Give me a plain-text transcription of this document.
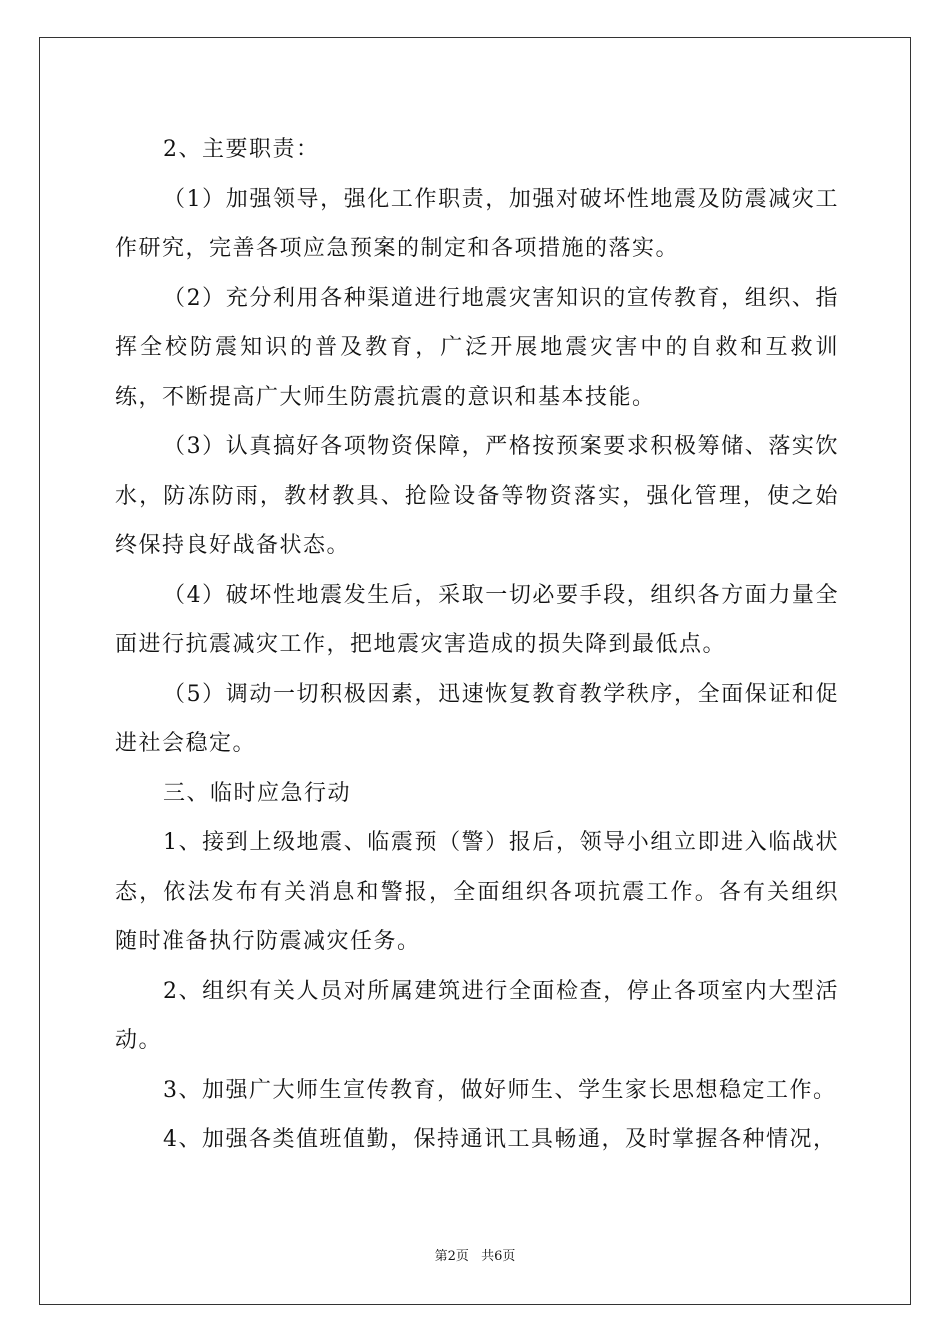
2、主要职责：

（1）加强领导，强化工作职责，加强对破坏性地震及防震减灾工作研究，完善各项应急预案的制定和各项措施的落实。

（2）充分利用各种渠道进行地震灾害知识的宣传教育，组织、指挥全校防震知识的普及教育，广泛开展地震灾害中的自救和互救训练，不断提高广大师生防震抗震的意识和基本技能。

（3）认真搞好各项物资保障，严格按预案要求积极筹储、落实饮水，防冻防雨，教材教具、抢险设备等物资落实，强化管理，使之始终保持良好战备状态。

（4）破坏性地震发生后，采取一切必要手段，组织各方面力量全面进行抗震减灾工作，把地震灾害造成的损失降到最低点。

（5）调动一切积极因素，迅速恢复教育教学秩序，全面保证和促进社会稳定。

三、临时应急行动

1、接到上级地震、临震预（警）报后，领导小组立即进入临战状态，依法发布有关消息和警报，全面组织各项抗震工作。各有关组织随时准备执行防震减灾任务。

2、组织有关人员对所属建筑进行全面检查，停止各项室内大型活动。

3、加强广大师生宣传教育，做好师生、学生家长思想稳定工作。

4、加强各类值班值勤，保持通讯工具畅通，及时掌握各种情况，

第2页 共6页
